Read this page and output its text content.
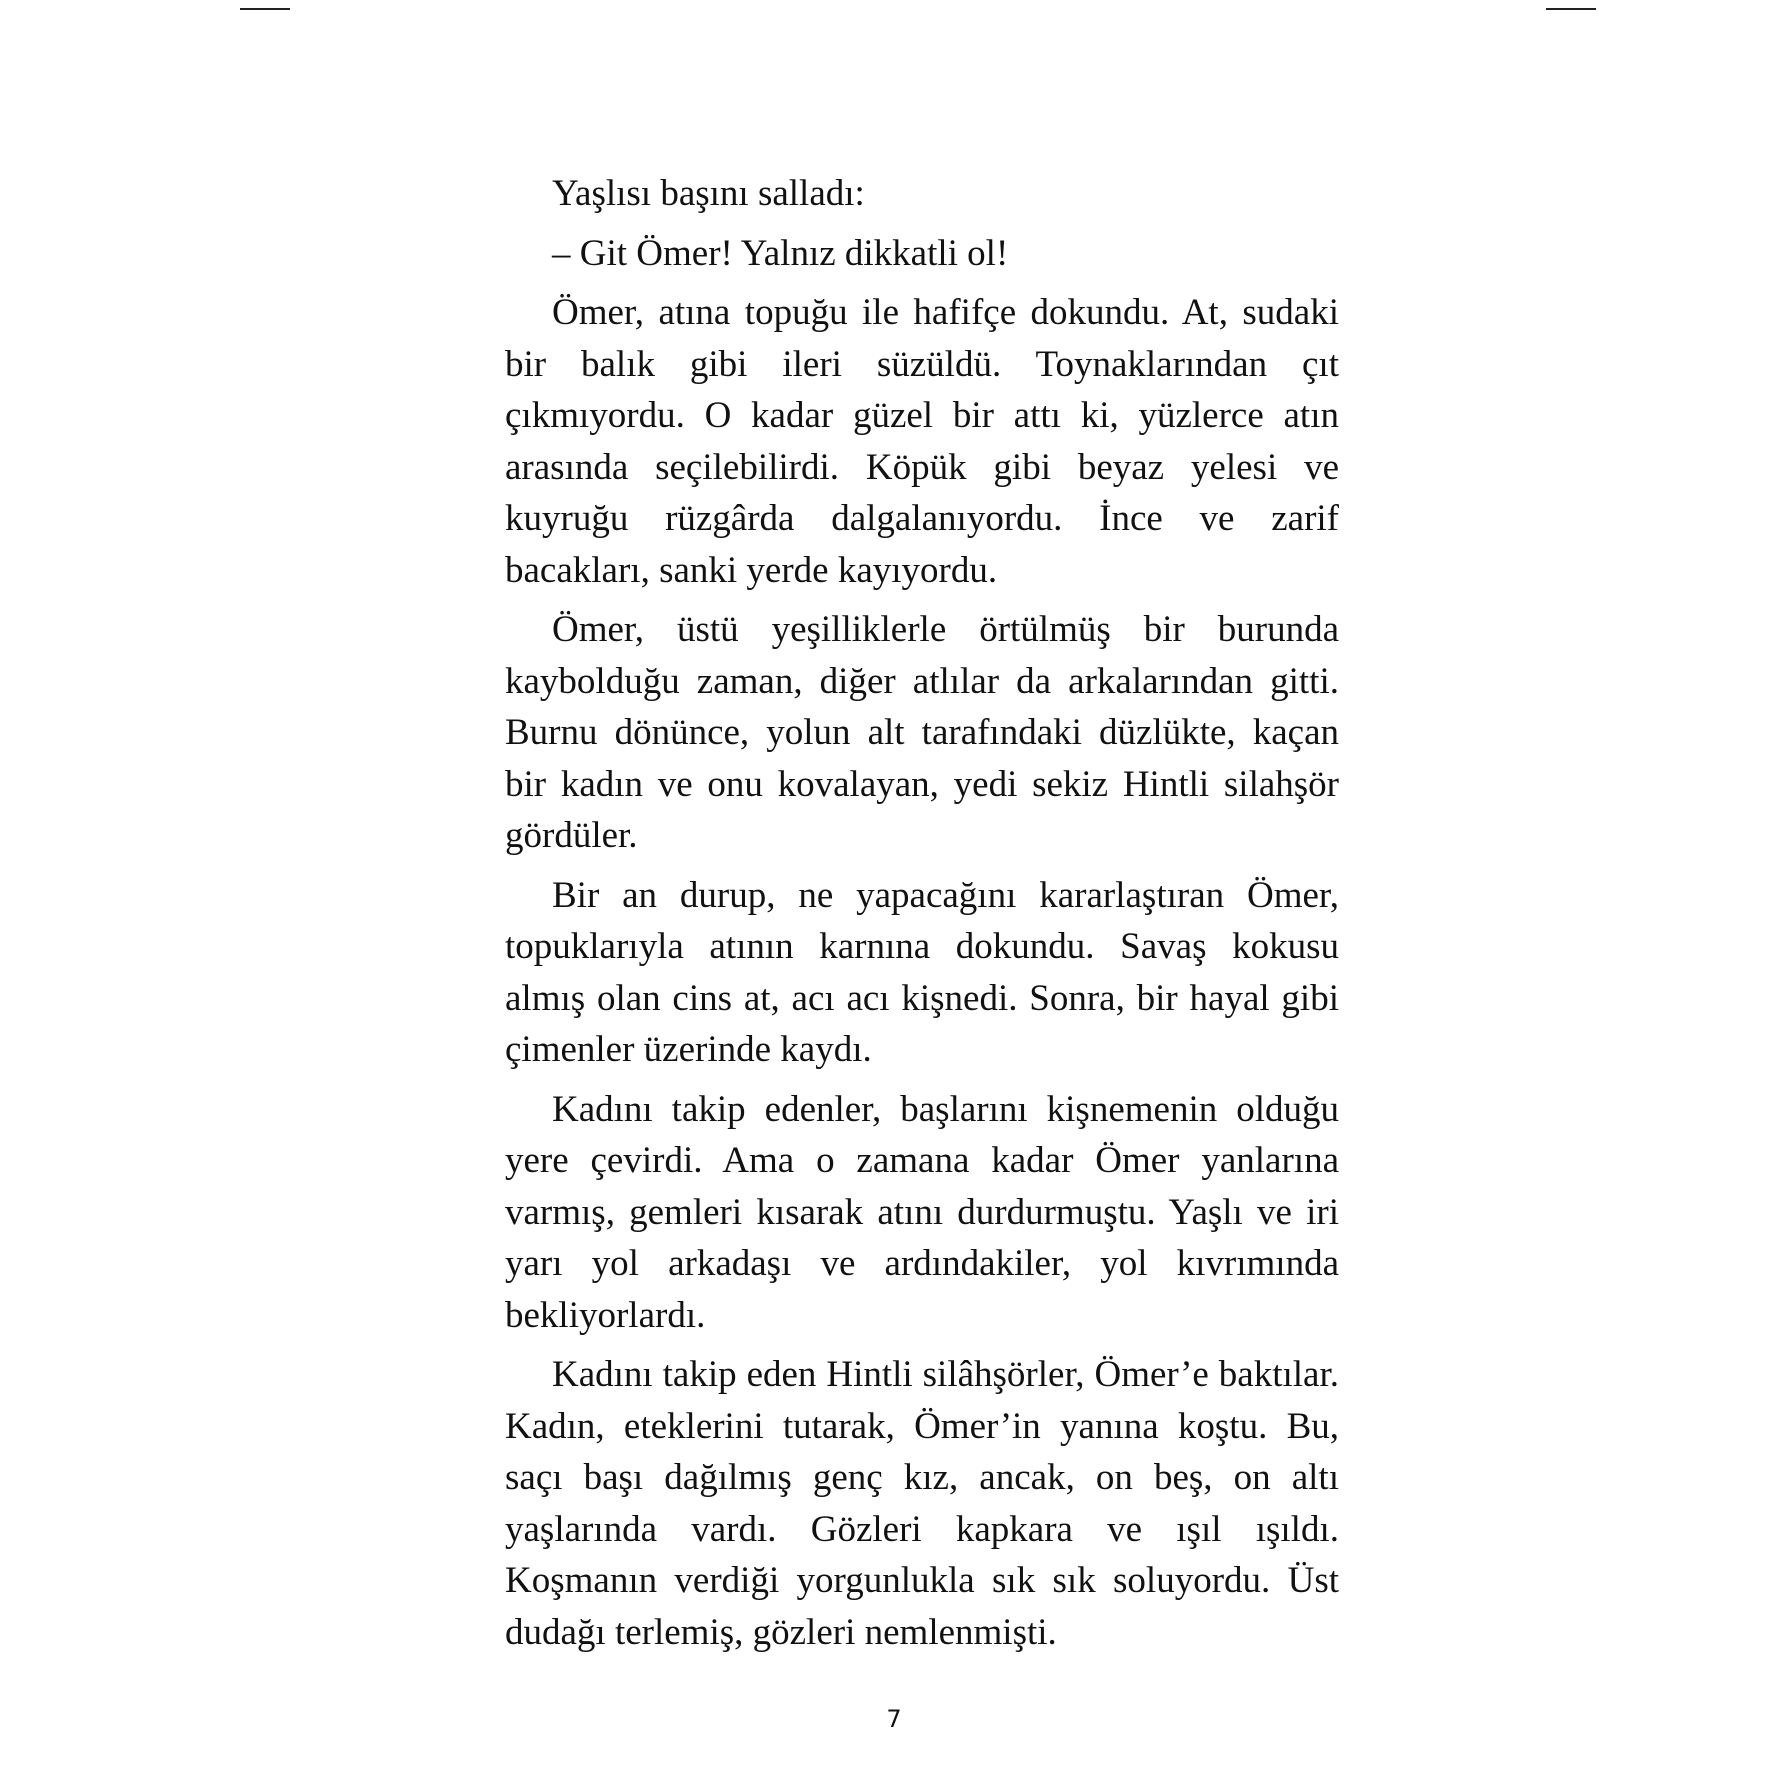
Yaşlısı başını salladı:

– Git Ömer! Yalnız dikkatli ol!

Ömer, atına topuğu ile hafifçe dokundu. At, sudaki bir balık gibi ileri süzüldü. Toynaklarından çıt çıkmıyordu. O kadar güzel bir attı ki, yüzlerce atın arasında seçilebilirdi. Köpük gibi beyaz yelesi ve kuyruğu rüzgârda dalgalanıyordu. İnce ve zarif bacakları, sanki yerde kayıyordu.

Ömer, üstü yeşilliklerle örtülmüş bir burunda kaybolduğu zaman, diğer atlılar da arkalarından gitti. Burnu dönünce, yolun alt tarafındaki düzlükte, kaçan bir kadın ve onu kovalayan, yedi sekiz Hintli silahşör gördüler.

Bir an durup, ne yapacağını kararlaştıran Ömer, topuklarıyla atının karnına dokundu. Savaş kokusu almış olan cins at, acı acı kişnedi. Sonra, bir hayal gibi çimenler üzerinde kaydı.

Kadını takip edenler, başlarını kişnemenin olduğu yere çevirdi. Ama o zamana kadar Ömer yanlarına varmış, gemleri kısarak atını durdurmuştu. Yaşlı ve iri yarı yol arkadaşı ve ardındakiler, yol kıvrımında bekliyorlardı.

Kadını takip eden Hintli silâhşörler, Ömer’e baktılar. Kadın, eteklerini tutarak, Ömer’in yanına koştu. Bu, saçı başı dağılmış genç kız, ancak, on beş, on altı yaşlarında vardı. Gözleri kapkara ve ışıl ışıldı. Koşmanın verdiği yorgunlukla sık sık soluyordu. Üst dudağı terlemiş, gözleri nemlenmişti.

7
